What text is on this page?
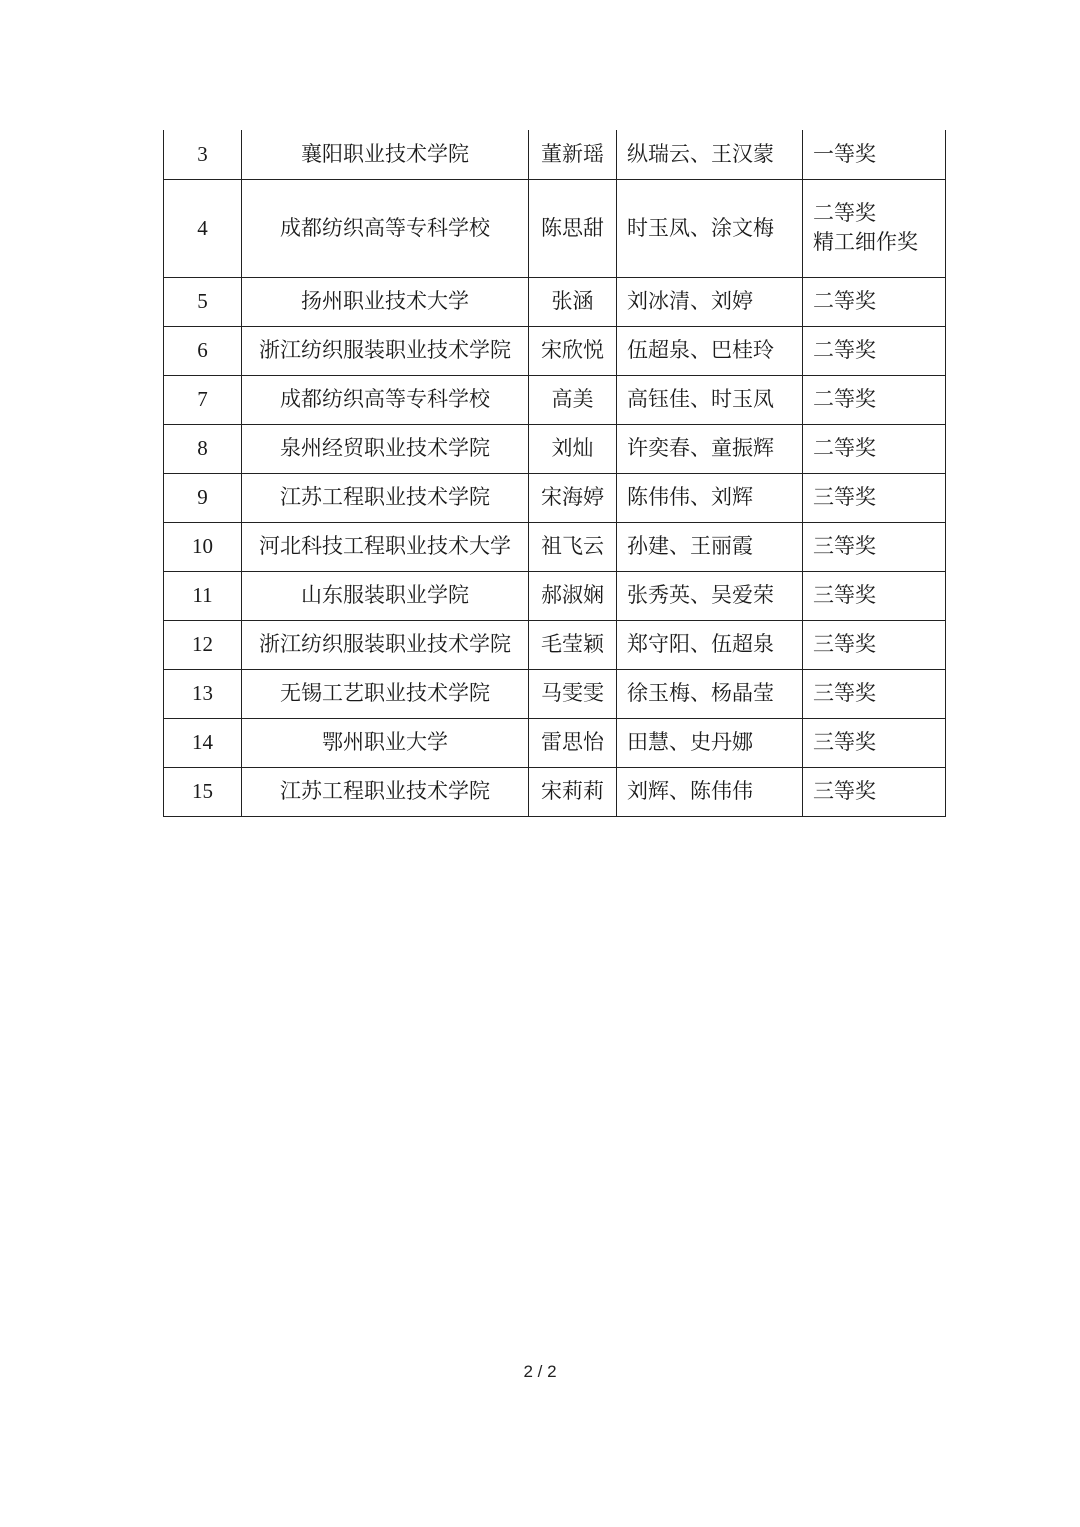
3	襄阳职业技术学院	董新瑶	纵瑞云、王汉蒙	一等奖

4	成都纺织高等专科学校	陈思甜	时玉凤、涂文梅	二等奖
精工细作奖

5	扬州职业技术大学	张涵	刘冰清、刘婷	二等奖

6	浙江纺织服装职业技术学院	宋欣悦	伍超泉、巴桂玲	二等奖

7	成都纺织高等专科学校	高美	高钰佳、时玉凤	二等奖

8	泉州经贸职业技术学院	刘灿	许奕春、童振辉	二等奖

9	江苏工程职业技术学院	宋海婷	陈伟伟、刘辉	三等奖

10	河北科技工程职业技术大学	祖飞云	孙建、王丽霞	三等奖

11	山东服装职业学院	郝淑娴	张秀英、吴爱荣	三等奖

12	浙江纺织服装职业技术学院	毛莹颖	郑守阳、伍超泉	三等奖

13	无锡工艺职业技术学院	马雯雯	徐玉梅、杨晶莹	三等奖

14	鄂州职业大学	雷思怡	田慧、史丹娜	三等奖

15	江苏工程职业技术学院	宋莉莉	刘辉、陈伟伟	三等奖
2 / 2
